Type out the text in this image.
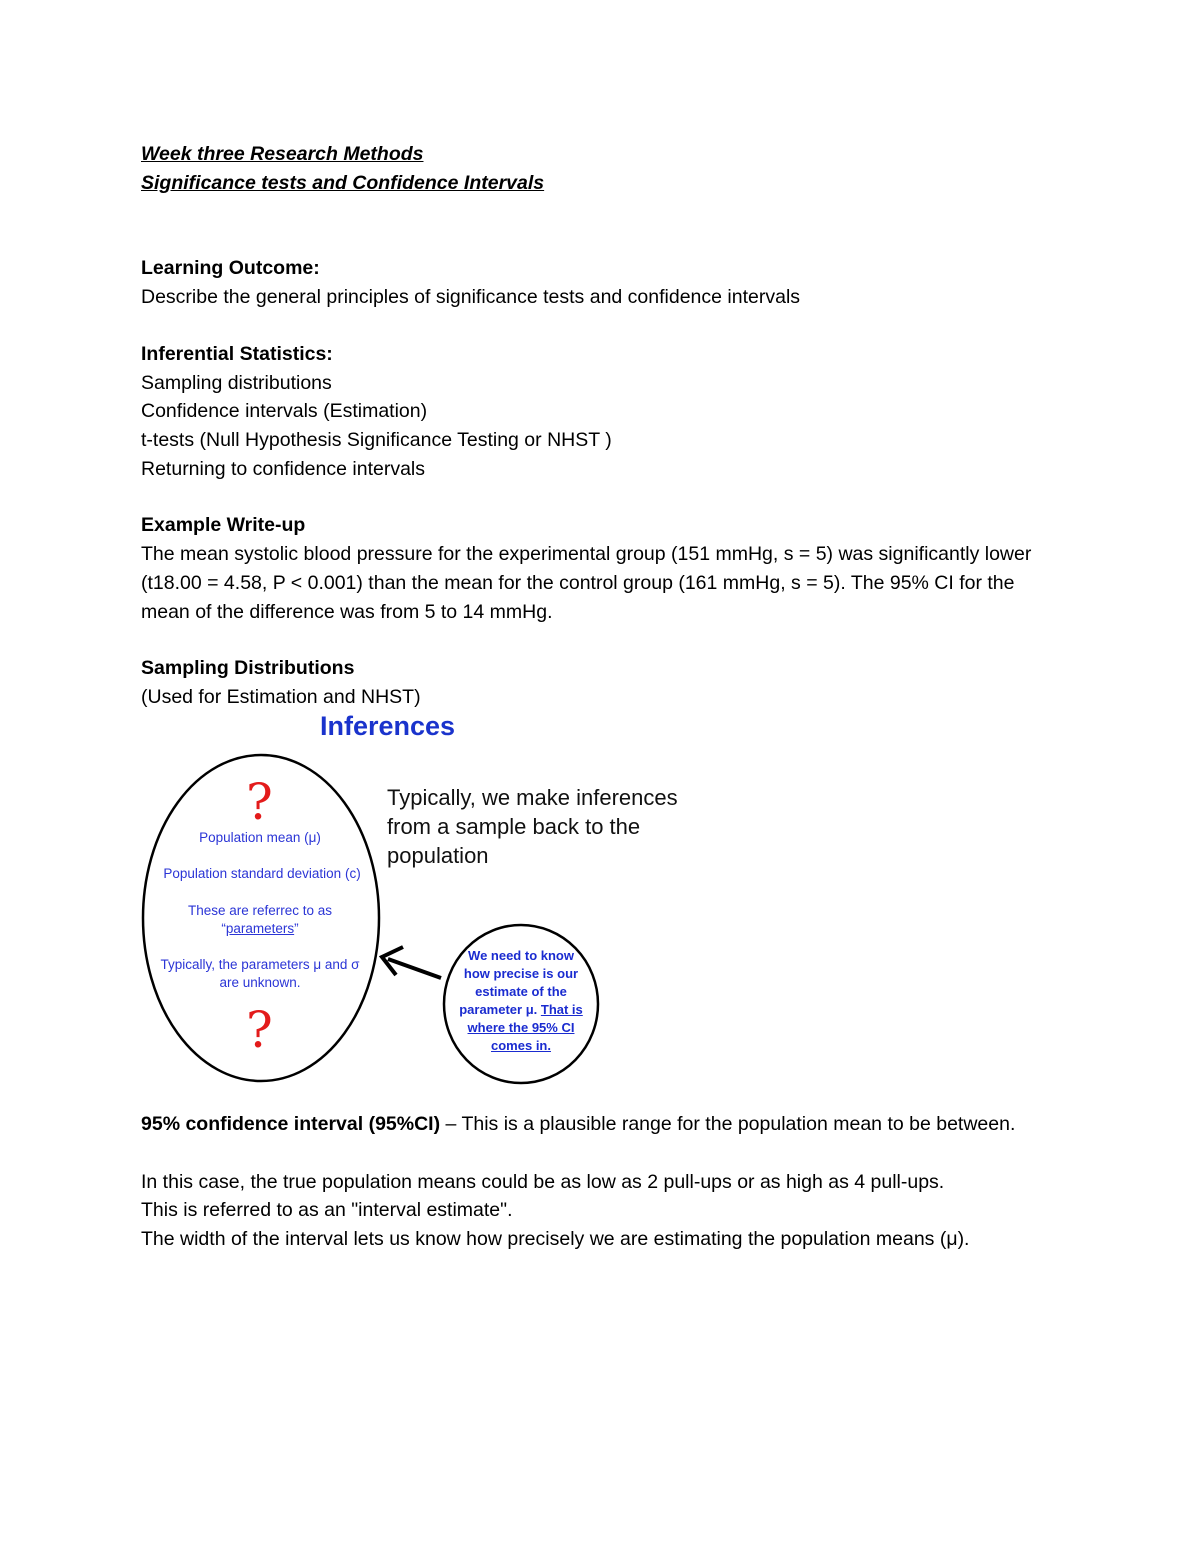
Week three Research Methods
Significance tests and Confidence Intervals
Learning Outcome:
Describe the general principles of significance tests and confidence intervals
Inferential Statistics:
Sampling distributions
Confidence intervals (Estimation)
t-tests (Null Hypothesis Significance Testing or NHST )
Returning to confidence intervals
Example Write-up
The mean systolic blood pressure for the experimental group (151 mmHg, s = 5) was significantly lower (t18.00 = 4.58, P < 0.001) than the mean for the control group (161 mmHg, s = 5). The 95% CI for the mean of the difference was from 5 to 14 mmHg.
Sampling Distributions
(Used for Estimation and NHST)
Inferences
Typically, we make inferences from a sample back to the population
?
Population mean (μ)
Population standard deviation (c)
These are referrec to as
“parameters”
Typically, the parameters μ and σ
are unknown.
?
We need to know
how precise is our
estimate of the
parameter μ. That is
where the 95% CI
comes in.
95% confidence interval (95%CI) – This is a plausible range for the population mean to be between.
In this case, the true population means could be as low as 2 pull-ups or as high as 4 pull-ups.
This is referred to as an "interval estimate".
The width of the interval lets us know how precisely we are estimating the population means (μ).
